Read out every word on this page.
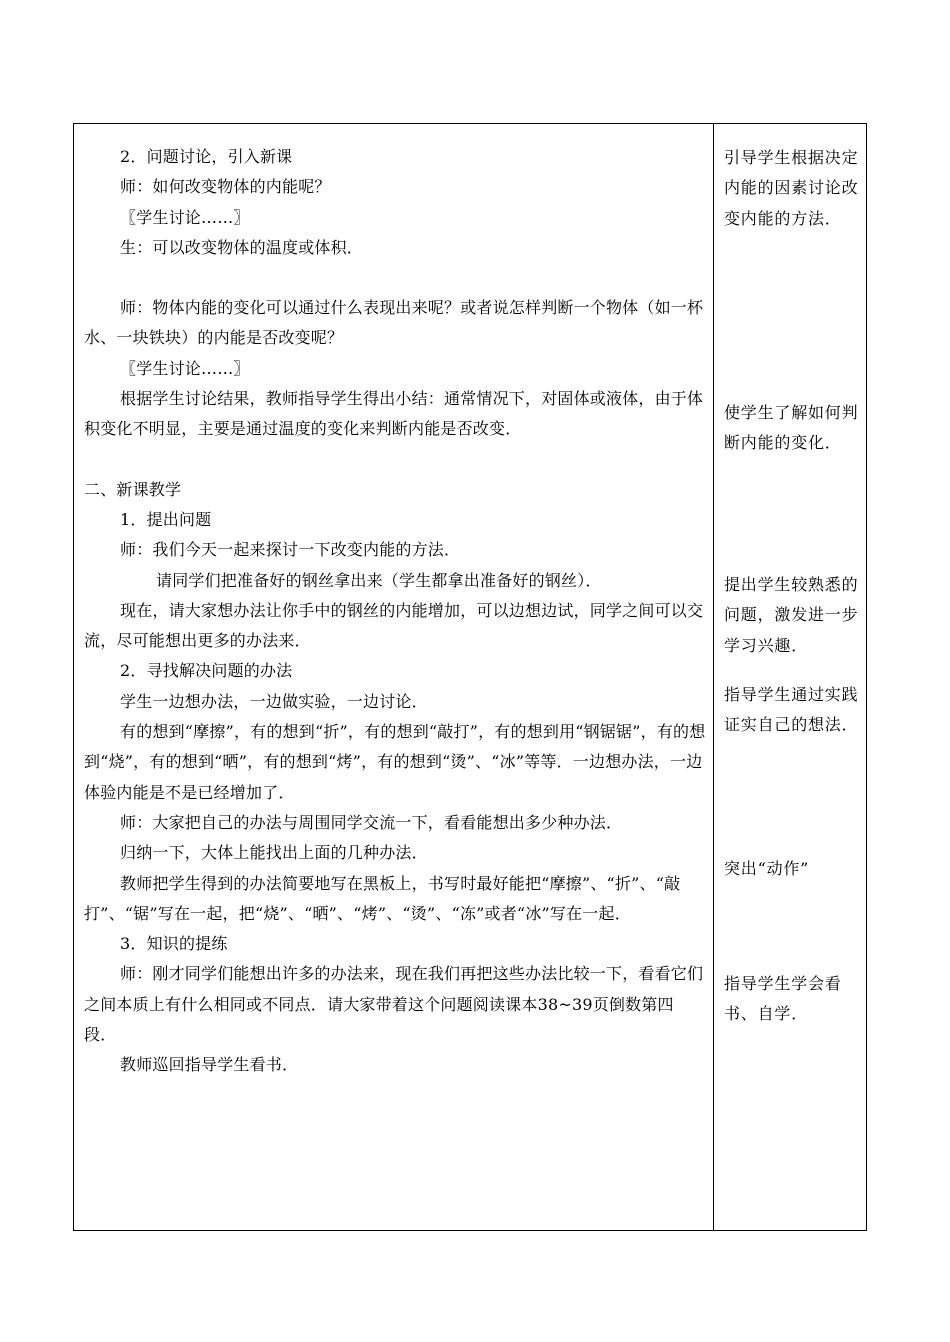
2．问题讨论，引入新课

师：如何改变物体的内能呢？

〖学生讨论……〗

生：可以改变物体的温度或体积．

师：物体内能的变化可以通过什么表现出来呢？或者说怎样判断一个物体（如一杯水、一块铁块）的内能是否改变呢？

〖学生讨论……〗

根据学生讨论结果，教师指导学生得出小结：通常情况下，对固体或液体，由于体积变化不明显，主要是通过温度的变化来判断内能是否改变．

二、新课教学

1．提出问题

师：我们今天一起来探讨一下改变内能的方法．

请同学们把准备好的钢丝拿出来（学生都拿出准备好的钢丝）．

现在，请大家想办法让你手中的钢丝的内能增加，可以边想边试，同学之间可以交流，尽可能想出更多的办法来．

2．寻找解决问题的办法

学生一边想办法，一边做实验，一边讨论．

有的想到“摩擦”，有的想到“折”，有的想到“敲打”，有的想到用“钢锯锯”，有的想到“烧”，有的想到“晒”，有的想到“烤”，有的想到“烫”、“冰”等等．一边想办法，一边体验内能是不是已经增加了．

师：大家把自己的办法与周围同学交流一下，看看能想出多少种办法．

归纳一下，大体上能找出上面的几种办法．

教师把学生得到的办法简要地写在黑板上，书写时最好能把“摩擦”、“折”、“敲打”、“锯”写在一起，把“烧”、“晒”、“烤”、“烫”、“冻”或者“冰”写在一起．

3．知识的提练

师：刚才同学们能想出许多的办法来，现在我们再把这些办法比较一下，看看它们之间本质上有什么相同或不同点．请大家带着这个问题阅读课本38~39页倒数第四段．

教师巡回指导学生看书．

引导学生根据决定内能的因素讨论改变内能的方法．

使学生了解如何判断内能的变化．

提出学生较熟悉的问题，激发进一步学习兴趣．

指导学生通过实践证实自己的想法．

突出“动作”

指导学生学会看书、自学．
